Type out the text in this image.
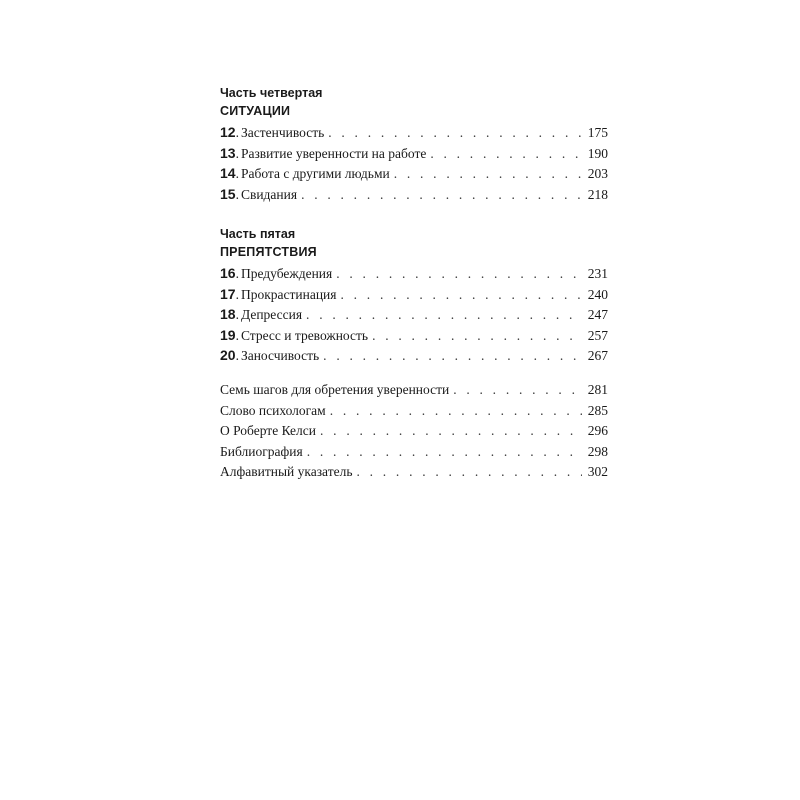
Часть четвертая

СИТУАЦИИ

12 . Застенчивость . . .	175
13 . Развитие уверенности на работе . . .	190
14 . Работа с другими людьми . . .	203
15 . Свидания . . .	218

Часть пятая

ПРЕПЯТСТВИЯ

16 . Предубеждения . . .	231
17 . Прокрастинация . . .	240
18 . Депрессия . . .	247
19 . Стресс и тревожность . . .	257
20 . Заносчивость . . .	267
Семь шагов для обретения уверенности . . .	281
Слово психологам . . .	285
О Роберте Келси . . .	296
Библиография . . .	298
Алфавитный указатель . . .	302
